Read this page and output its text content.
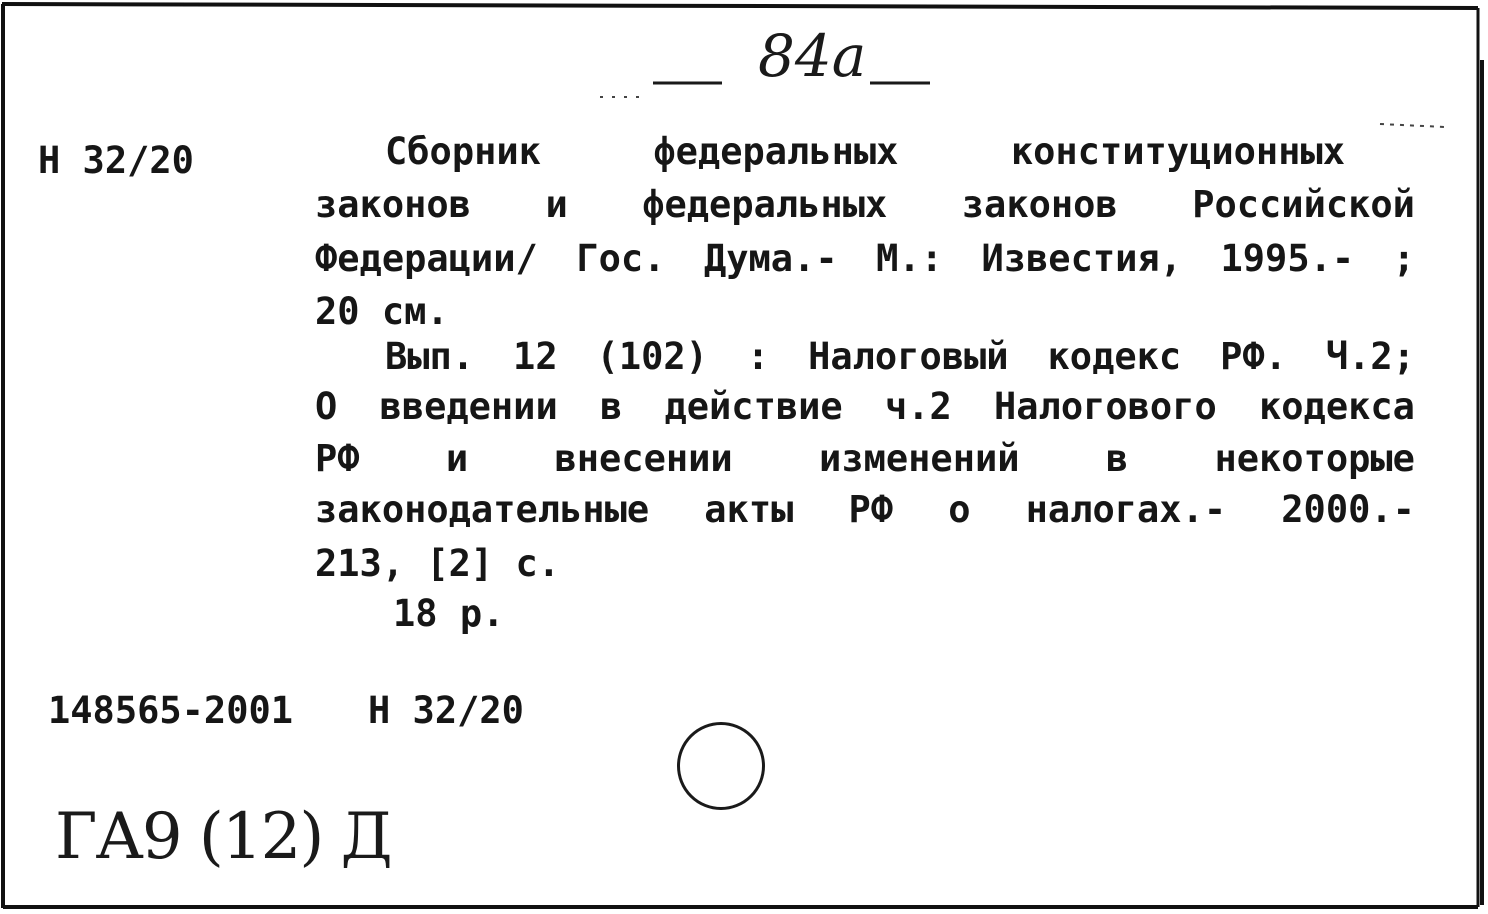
84a
Н 32/20	Сборник	федеральных	конституционных
законов и федеральных законов Российской
Федерации/ Гос. Дума.- М.: Известия, 1995.- ;
20 см.
Вып. 12 (102) : Налоговый кодекс РФ. Ч.2;
О введении в действие ч.2 Налогового кодекса
РФ и внесении изменений в некоторые
законодательные акты РФ о налогах.- 2000.-
213, [2] с.
18 р.
148565-2001 Н 32/20
ГА9 (12) Д
